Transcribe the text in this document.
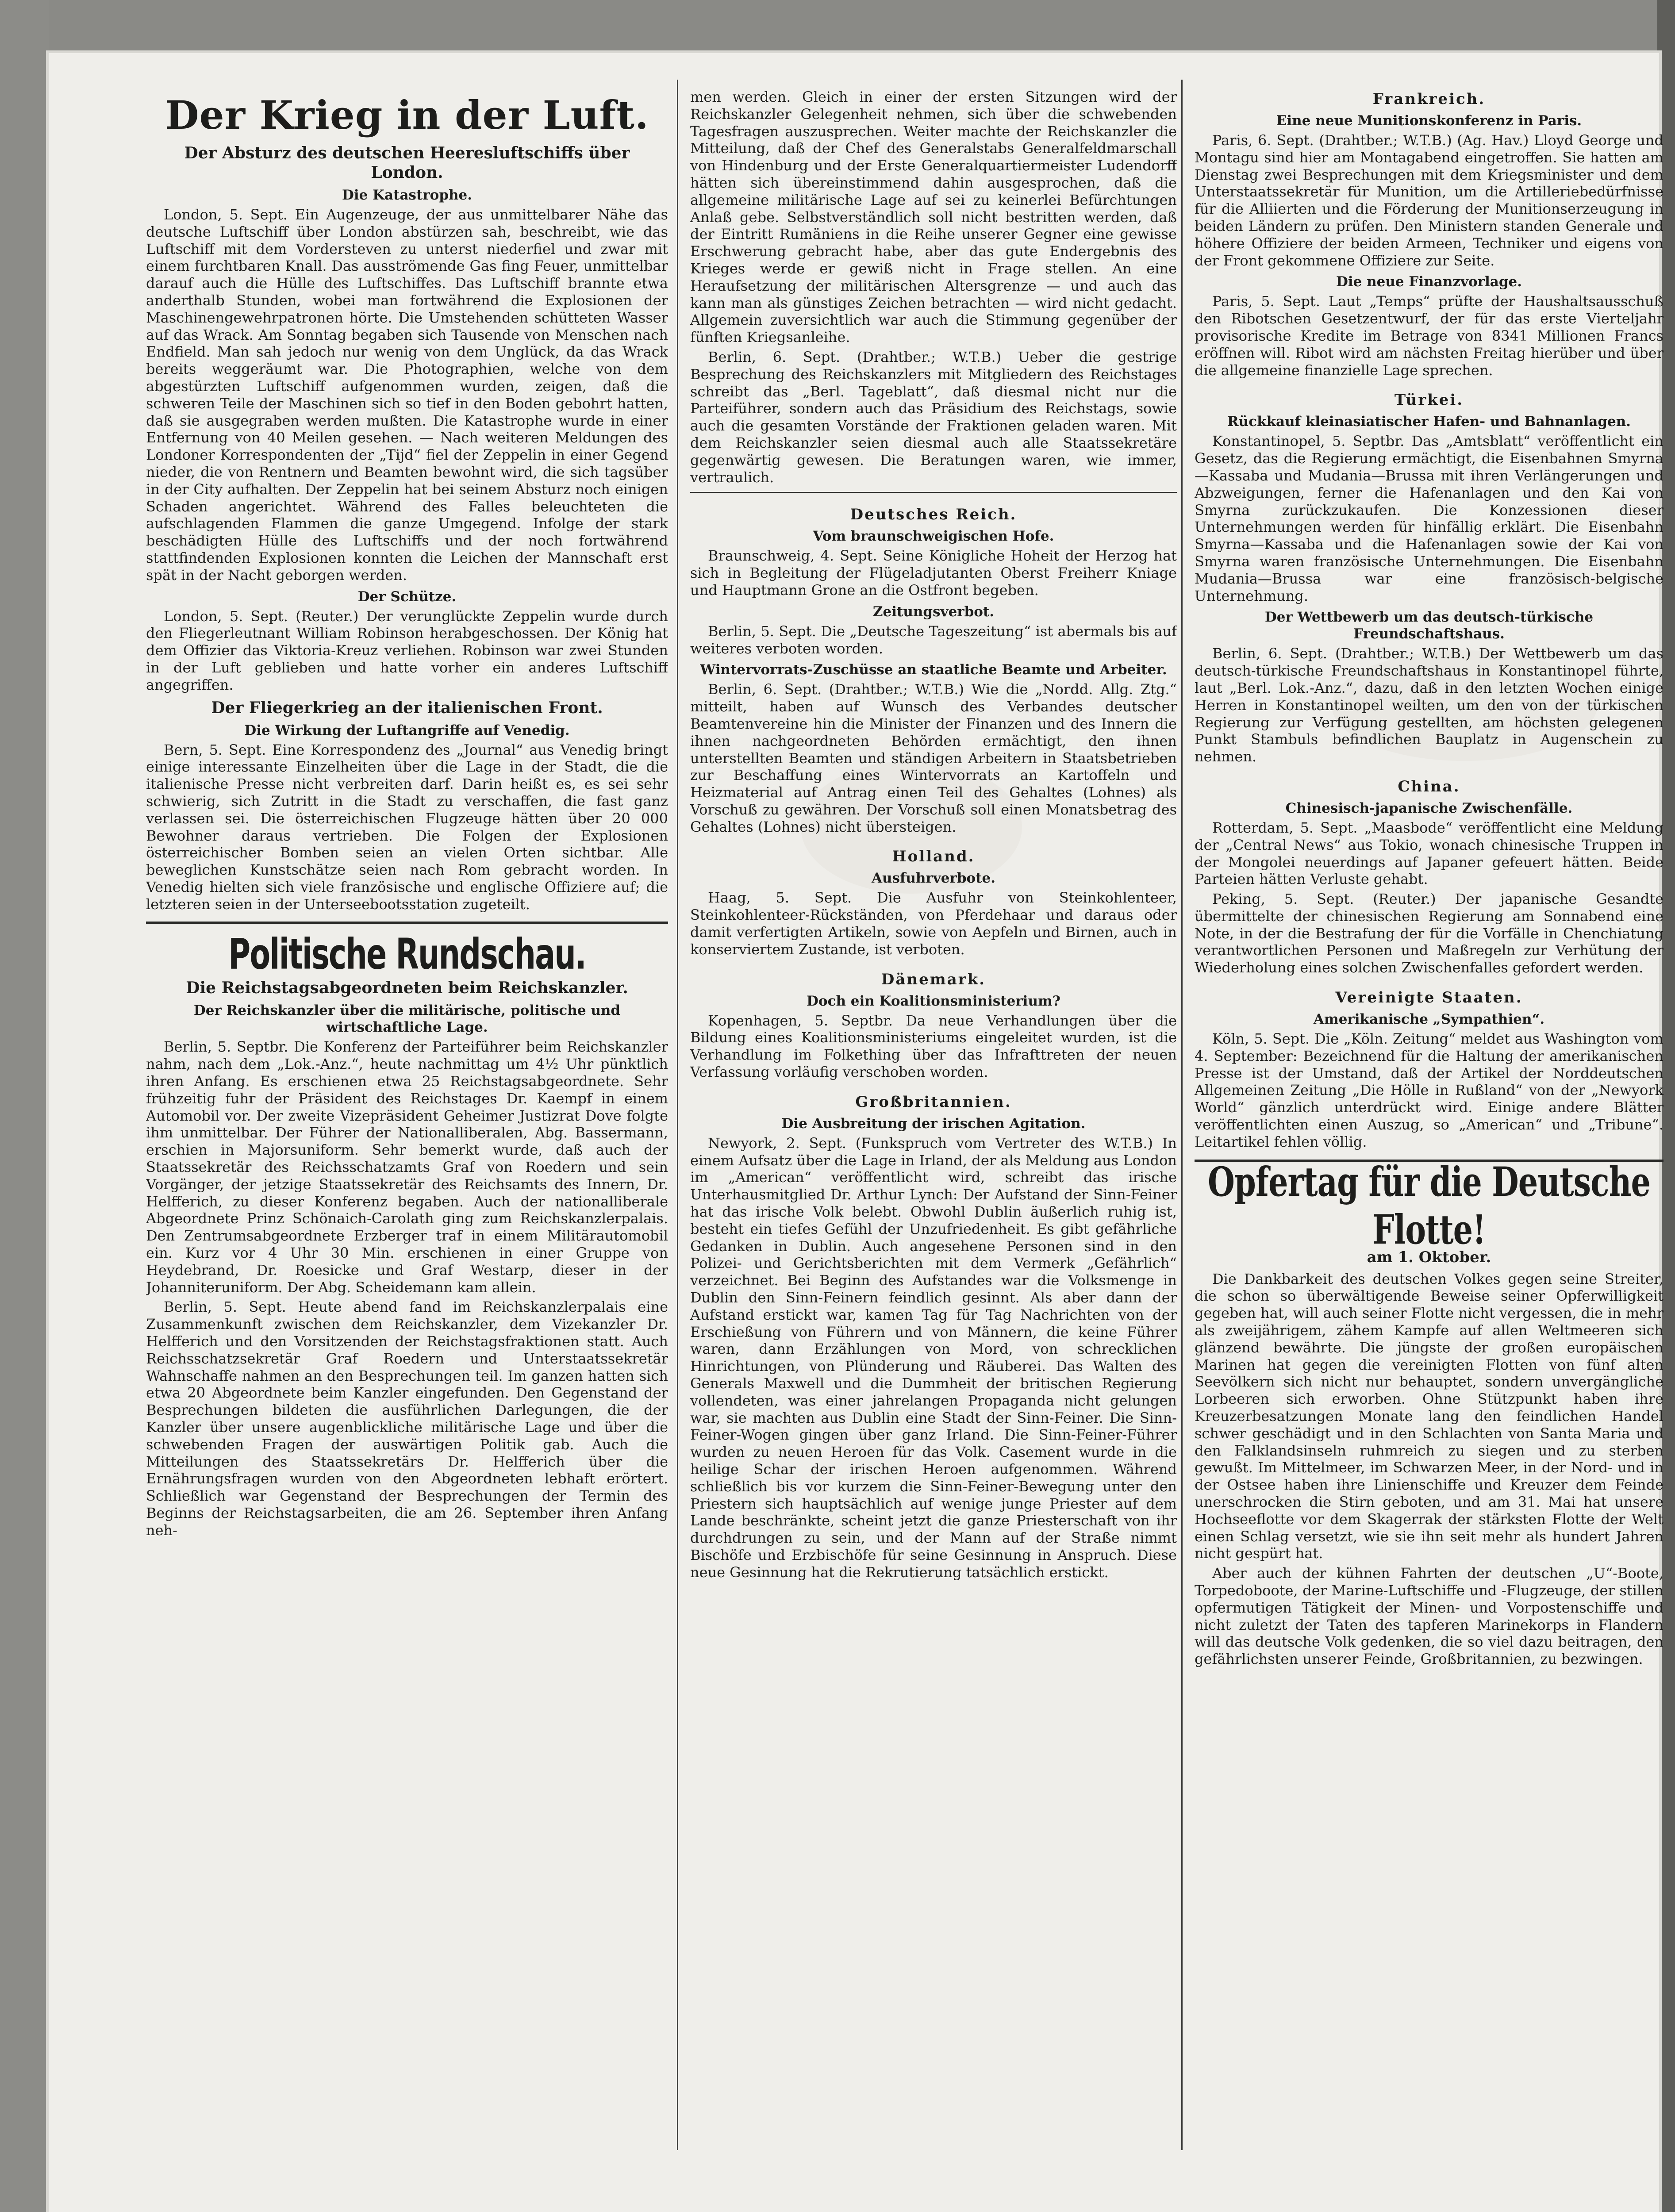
Der Krieg in der Luft.
Der Absturz des deutschen Heeresluftschiffs über London.
Die Katastrophe.

London, 5. Sept. Ein Augenzeuge, der aus unmittelbarer Nähe das deutsche Luftschiff über London abstürzen sah, beschreibt, wie das Luftschiff mit dem Vordersteven zu unterst niederfiel und zwar mit einem furchtbaren Knall. Das ausströmende Gas fing Feuer, unmittelbar darauf auch die Hülle des Luftschiffes. Das Luftschiff brannte etwa anderthalb Stunden, wobei man fortwährend die Explosionen der Maschinengewehrpatronen hörte. Die Umstehenden schütteten Wasser auf das Wrack. Am Sonntag begaben sich Tausende von Menschen nach Endfield. Man sah jedoch nur wenig von dem Unglück, da das Wrack bereits weggeräumt war. Die Photographien, welche von dem abgestürzten Luftschiff aufgenommen wurden, zeigen, daß die schweren Teile der Maschinen sich so tief in den Boden gebohrt hatten, daß sie ausgegraben werden mußten. Die Katastrophe wurde in einer Entfernung von 40 Meilen gesehen. — Nach weiteren Meldungen des Londoner Korrespondenten der „Tijd“ fiel der Zeppelin in einer Gegend nieder, die von Rentnern und Beamten bewohnt wird, die sich tagsüber in der City aufhalten. Der Zeppelin hat bei seinem Absturz noch einigen Schaden angerichtet. Während des Falles beleuchteten die aufschlagenden Flammen die ganze Umgegend. Infolge der stark beschädigten Hülle des Luftschiffs und der noch fortwährend stattfindenden Explosionen konnten die Leichen der Mannschaft erst spät in der Nacht geborgen werden.

Der Schütze.

London, 5. Sept. (Reuter.) Der verunglückte Zeppelin wurde durch den Fliegerleutnant William Robinson herabgeschossen. Der König hat dem Offizier das Viktoria-Kreuz verliehen. Robinson war zwei Stunden in der Luft geblieben und hatte vorher ein anderes Luftschiff angegriffen.

Der Fliegerkrieg an der italienischen Front.
Die Wirkung der Luftangriffe auf Venedig.

Bern, 5. Sept. Eine Korrespondenz des „Journal“ aus Venedig bringt einige interessante Einzelheiten über die Lage in der Stadt, die die italienische Presse nicht verbreiten darf. Darin heißt es, es sei sehr schwierig, sich Zutritt in die Stadt zu verschaffen, die fast ganz verlassen sei. Die österreichischen Flugzeuge hätten über 20 000 Bewohner daraus vertrieben. Die Folgen der Explosionen österreichischer Bomben seien an vielen Orten sichtbar. Alle beweglichen Kunstschätze seien nach Rom gebracht worden. In Venedig hielten sich viele französische und englische Offiziere auf; die letzteren seien in der Unterseebootsstation zugeteilt.

Politische Rundschau.
Die Reichstagsabgeordneten beim Reichskanzler.
Der Reichskanzler über die militärische, politische und wirtschaftliche Lage.

Berlin, 5. Septbr. Die Konferenz der Parteiführer beim Reichskanzler nahm, nach dem „Lok.-Anz.“, heute nachmittag um 4½ Uhr pünktlich ihren Anfang. Es erschienen etwa 25 Reichstagsabgeordnete. Sehr frühzeitig fuhr der Präsident des Reichstages Dr. Kaempf in einem Automobil vor. Der zweite Vizepräsident Geheimer Justizrat Dove folgte ihm unmittelbar. Der Führer der Nationalliberalen, Abg. Bassermann, erschien in Majorsuniform. Sehr bemerkt wurde, daß auch der Staatssekretär des Reichsschatzamts Graf von Roedern und sein Vorgänger, der jetzige Staatssekretär des Reichsamts des Innern, Dr. Helfferich, zu dieser Konferenz begaben. Auch der nationalliberale Abgeordnete Prinz Schönaich-Carolath ging zum Reichskanzlerpalais. Den Zentrumsabgeordnete Erzberger traf in einem Militärautomobil ein. Kurz vor 4 Uhr 30 Min. erschienen in einer Gruppe von Heydebrand, Dr. Roesicke und Graf Westarp, dieser in der Johanniteruniform. Der Abg. Scheidemann kam allein.

Berlin, 5. Sept. Heute abend fand im Reichskanzlerpalais eine Zusammenkunft zwischen dem Reichskanzler, dem Vizekanzler Dr. Helfferich und den Vorsitzenden der Reichstagsfraktionen statt. Auch Reichsschatzsekretär Graf Roedern und Unterstaatssekretär Wahnschaffe nahmen an den Besprechungen teil. Im ganzen hatten sich etwa 20 Abgeordnete beim Kanzler eingefunden. Den Gegenstand der Besprechungen bildeten die ausführlichen Darlegungen, die der Kanzler über unsere augenblickliche militärische Lage und über die schwebenden Fragen der auswärtigen Politik gab. Auch die Mitteilungen des Staatssekretärs Dr. Helfferich über die Ernährungsfragen wurden von den Abgeordneten lebhaft erörtert. Schließlich war Gegenstand der Besprechungen der Termin des Beginns der Reichstagsarbeiten, die am 26. September ihren Anfang neh-

men werden. Gleich in einer der ersten Sitzungen wird der Reichskanzler Gelegenheit nehmen, sich über die schwebenden Tagesfragen auszusprechen. Weiter machte der Reichskanzler die Mitteilung, daß der Chef des Generalstabs Generalfeldmarschall von Hindenburg und der Erste Generalquartiermeister Ludendorff hätten sich übereinstimmend dahin ausgesprochen, daß die allgemeine militärische Lage auf sei zu keinerlei Befürchtungen Anlaß gebe. Selbstverständlich soll nicht bestritten werden, daß der Eintritt Rumäniens in die Reihe unserer Gegner eine gewisse Erschwerung gebracht habe, aber das gute Endergebnis des Krieges werde er gewiß nicht in Frage stellen. An eine Heraufsetzung der militärischen Altersgrenze — und auch das kann man als günstiges Zeichen betrachten — wird nicht gedacht. Allgemein zuversichtlich war auch die Stimmung gegenüber der fünften Kriegsanleihe.

Berlin, 6. Sept. (Drahtber.; W.T.B.) Ueber die gestrige Besprechung des Reichskanzlers mit Mitgliedern des Reichstages schreibt das „Berl. Tageblatt“, daß diesmal nicht nur die Parteiführer, sondern auch das Präsidium des Reichstags, sowie auch die gesamten Vorstände der Fraktionen geladen waren. Mit dem Reichskanzler seien diesmal auch alle Staatssekretäre gegenwärtig gewesen. Die Beratungen waren, wie immer, vertraulich.

Deutsches Reich.
Vom braunschweigischen Hofe.

Braunschweig, 4. Sept. Seine Königliche Hoheit der Herzog hat sich in Begleitung der Flügeladjutanten Oberst Freiherr Kniage und Hauptmann Grone an die Ostfront begeben.

Zeitungsverbot.

Berlin, 5. Sept. Die „Deutsche Tageszeitung“ ist abermals bis auf weiteres verboten worden.

Wintervorrats-Zuschüsse an staatliche Beamte und Arbeiter.

Berlin, 6. Sept. (Drahtber.; W.T.B.) Wie die „Nordd. Allg. Ztg.“ mitteilt, haben auf Wunsch des Verbandes deutscher Beamtenvereine hin die Minister der Finanzen und des Innern die ihnen nachgeordneten Behörden ermächtigt, den ihnen unterstellten Beamten und ständigen Arbeitern in Staatsbetrieben zur Beschaffung eines Wintervorrats an Kartoffeln und Heizmaterial auf Antrag einen Teil des Gehaltes (Lohnes) als Vorschuß zu gewähren. Der Vorschuß soll einen Monatsbetrag des Gehaltes (Lohnes) nicht übersteigen.

Holland.
Ausfuhrverbote.

Haag, 5. Sept. Die Ausfuhr von Steinkohlenteer, Steinkohlenteer-Rückständen, von Pferdehaar und daraus oder damit verfertigten Artikeln, sowie von Aepfeln und Birnen, auch in konserviertem Zustande, ist verboten.

Dänemark.
Doch ein Koalitionsministerium?

Kopenhagen, 5. Septbr. Da neue Verhandlungen über die Bildung eines Koalitionsministeriums eingeleitet wurden, ist die Verhandlung im Folkething über das Infrafttreten der neuen Verfassung vorläufig verschoben worden.

Großbritannien.
Die Ausbreitung der irischen Agitation.

Newyork, 2. Sept. (Funkspruch vom Vertreter des W.T.B.) In einem Aufsatz über die Lage in Irland, der als Meldung aus London im „American“ veröffentlicht wird, schreibt das irische Unterhausmitglied Dr. Arthur Lynch: Der Aufstand der Sinn-Feiner hat das irische Volk belebt. Obwohl Dublin äußerlich ruhig ist, besteht ein tiefes Gefühl der Unzufriedenheit. Es gibt gefährliche Gedanken in Dublin. Auch angesehene Personen sind in den Polizei- und Gerichtsberichten mit dem Vermerk „Gefährlich“ verzeichnet. Bei Beginn des Aufstandes war die Volksmenge in Dublin den Sinn-Feinern feindlich gesinnt. Als aber dann der Aufstand erstickt war, kamen Tag für Tag Nachrichten von der Erschießung von Führern und von Männern, die keine Führer waren, dann Erzählungen von Mord, von schrecklichen Hinrichtungen, von Plünderung und Räuberei. Das Walten des Generals Maxwell und die Dummheit der britischen Regierung vollendeten, was einer jahrelangen Propaganda nicht gelungen war, sie machten aus Dublin eine Stadt der Sinn-Feiner. Die Sinn-Feiner-Wogen gingen über ganz Irland. Die Sinn-Feiner-Führer wurden zu neuen Heroen für das Volk. Casement wurde in die heilige Schar der irischen Heroen aufgenommen. Während schließlich bis vor kurzem die Sinn-Feiner-Bewegung unter den Priestern sich hauptsächlich auf wenige junge Priester auf dem Lande beschränkte, scheint jetzt die ganze Priesterschaft von ihr durchdrungen zu sein, und der Mann auf der Straße nimmt Bischöfe und Erzbischöfe für seine Gesinnung in Anspruch. Diese neue Gesinnung hat die Rekrutierung tatsächlich erstickt.

Frankreich.
Eine neue Munitionskonferenz in Paris.

Paris, 6. Sept. (Drahtber.; W.T.B.) (Ag. Hav.) Lloyd George und Montagu sind hier am Montagabend eingetroffen. Sie hatten am Dienstag zwei Besprechungen mit dem Kriegsminister und dem Unterstaatssekretär für Munition, um die Artilleriebedürfnisse für die Alliierten und die Förderung der Munitionserzeugung in beiden Ländern zu prüfen. Den Ministern standen Generale und höhere Offiziere der beiden Armeen, Techniker und eigens von der Front gekommene Offiziere zur Seite.

Die neue Finanzvorlage.

Paris, 5. Sept. Laut „Temps“ prüfte der Haushaltsausschuß den Ribotschen Gesetzentwurf, der für das erste Vierteljahr provisorische Kredite im Betrage von 8341 Millionen Francs eröffnen will. Ribot wird am nächsten Freitag hierüber und über die allgemeine finanzielle Lage sprechen.

Türkei.
Rückkauf kleinasiatischer Hafen- und Bahnanlagen.

Konstantinopel, 5. Septbr. Das „Amtsblatt“ veröffentlicht ein Gesetz, das die Regierung ermächtigt, die Eisenbahnen Smyrna—Kassaba und Mudania—Brussa mit ihren Verlängerungen und Abzweigungen, ferner die Hafenanlagen und den Kai von Smyrna zurückzukaufen. Die Konzessionen dieser Unternehmungen werden für hinfällig erklärt. Die Eisenbahn Smyrna—Kassaba und die Hafenanlagen sowie der Kai von Smyrna waren französische Unternehmungen. Die Eisenbahn Mudania—Brussa war eine französisch-belgische Unternehmung.

Der Wettbewerb um das deutsch-türkische Freundschaftshaus.

Berlin, 6. Sept. (Drahtber.; W.T.B.) Der Wettbewerb um das deutsch-türkische Freundschaftshaus in Konstantinopel führte, laut „Berl. Lok.-Anz.“, dazu, daß in den letzten Wochen einige Herren in Konstantinopel weilten, um den von der türkischen Regierung zur Verfügung gestellten, am höchsten gelegenen Punkt Stambuls befindlichen Bauplatz in Augenschein zu nehmen.

China.
Chinesisch-japanische Zwischenfälle.

Rotterdam, 5. Sept. „Maasbode“ veröffentlicht eine Meldung der „Central News“ aus Tokio, wonach chinesische Truppen in der Mongolei neuerdings auf Japaner gefeuert hätten. Beide Parteien hätten Verluste gehabt.

Peking, 5. Sept. (Reuter.) Der japanische Gesandte übermittelte der chinesischen Regierung am Sonnabend eine Note, in der die Bestrafung der für die Vorfälle in Chenchiatung verantwortlichen Personen und Maßregeln zur Verhütung der Wiederholung eines solchen Zwischenfalles gefordert werden.

Vereinigte Staaten.
Amerikanische „Sympathien“.

Köln, 5. Sept. Die „Köln. Zeitung“ meldet aus Washington vom 4. September: Bezeichnend für die Haltung der amerikanischen Presse ist der Umstand, daß der Artikel der Norddeutschen Allgemeinen Zeitung „Die Hölle in Rußland“ von der „Newyork World“ gänzlich unterdrückt wird. Einige andere Blätter veröffentlichten einen Auszug, so „American“ und „Tribune“. Leitartikel fehlen völlig.

Opfertag für die Deutsche Flotte!
am 1. Oktober.

Die Dankbarkeit des deutschen Volkes gegen seine Streiter, die schon so überwältigende Beweise seiner Opferwilligkeit gegeben hat, will auch seiner Flotte nicht vergessen, die in mehr als zweijährigem, zähem Kampfe auf allen Weltmeeren sich glänzend bewährte. Die jüngste der großen europäischen Marinen hat gegen die vereinigten Flotten von fünf alten Seevölkern sich nicht nur behauptet, sondern unvergängliche Lorbeeren sich erworben. Ohne Stützpunkt haben ihre Kreuzerbesatzungen Monate lang den feindlichen Handel schwer geschädigt und in den Schlachten von Santa Maria und den Falklandsinseln ruhmreich zu siegen und zu sterben gewußt. Im Mittelmeer, im Schwarzen Meer, in der Nord- und in der Ostsee haben ihre Linienschiffe und Kreuzer dem Feinde unerschrocken die Stirn geboten, und am 31. Mai hat unsere Hochseeflotte vor dem Skagerrak der stärksten Flotte der Welt einen Schlag versetzt, wie sie ihn seit mehr als hundert Jahren nicht gespürt hat.

Aber auch der kühnen Fahrten der deutschen „U“-Boote, Torpedoboote, der Marine-Luftschiffe und -Flugzeuge, der stillen opfermutigen Tätigkeit der Minen- und Vorpostenschiffe und nicht zuletzt der Taten des tapferen Marinekorps in Flandern will das deutsche Volk gedenken, die so viel dazu beitragen, den gefährlichsten unserer Feinde, Großbritannien, zu bezwingen.
